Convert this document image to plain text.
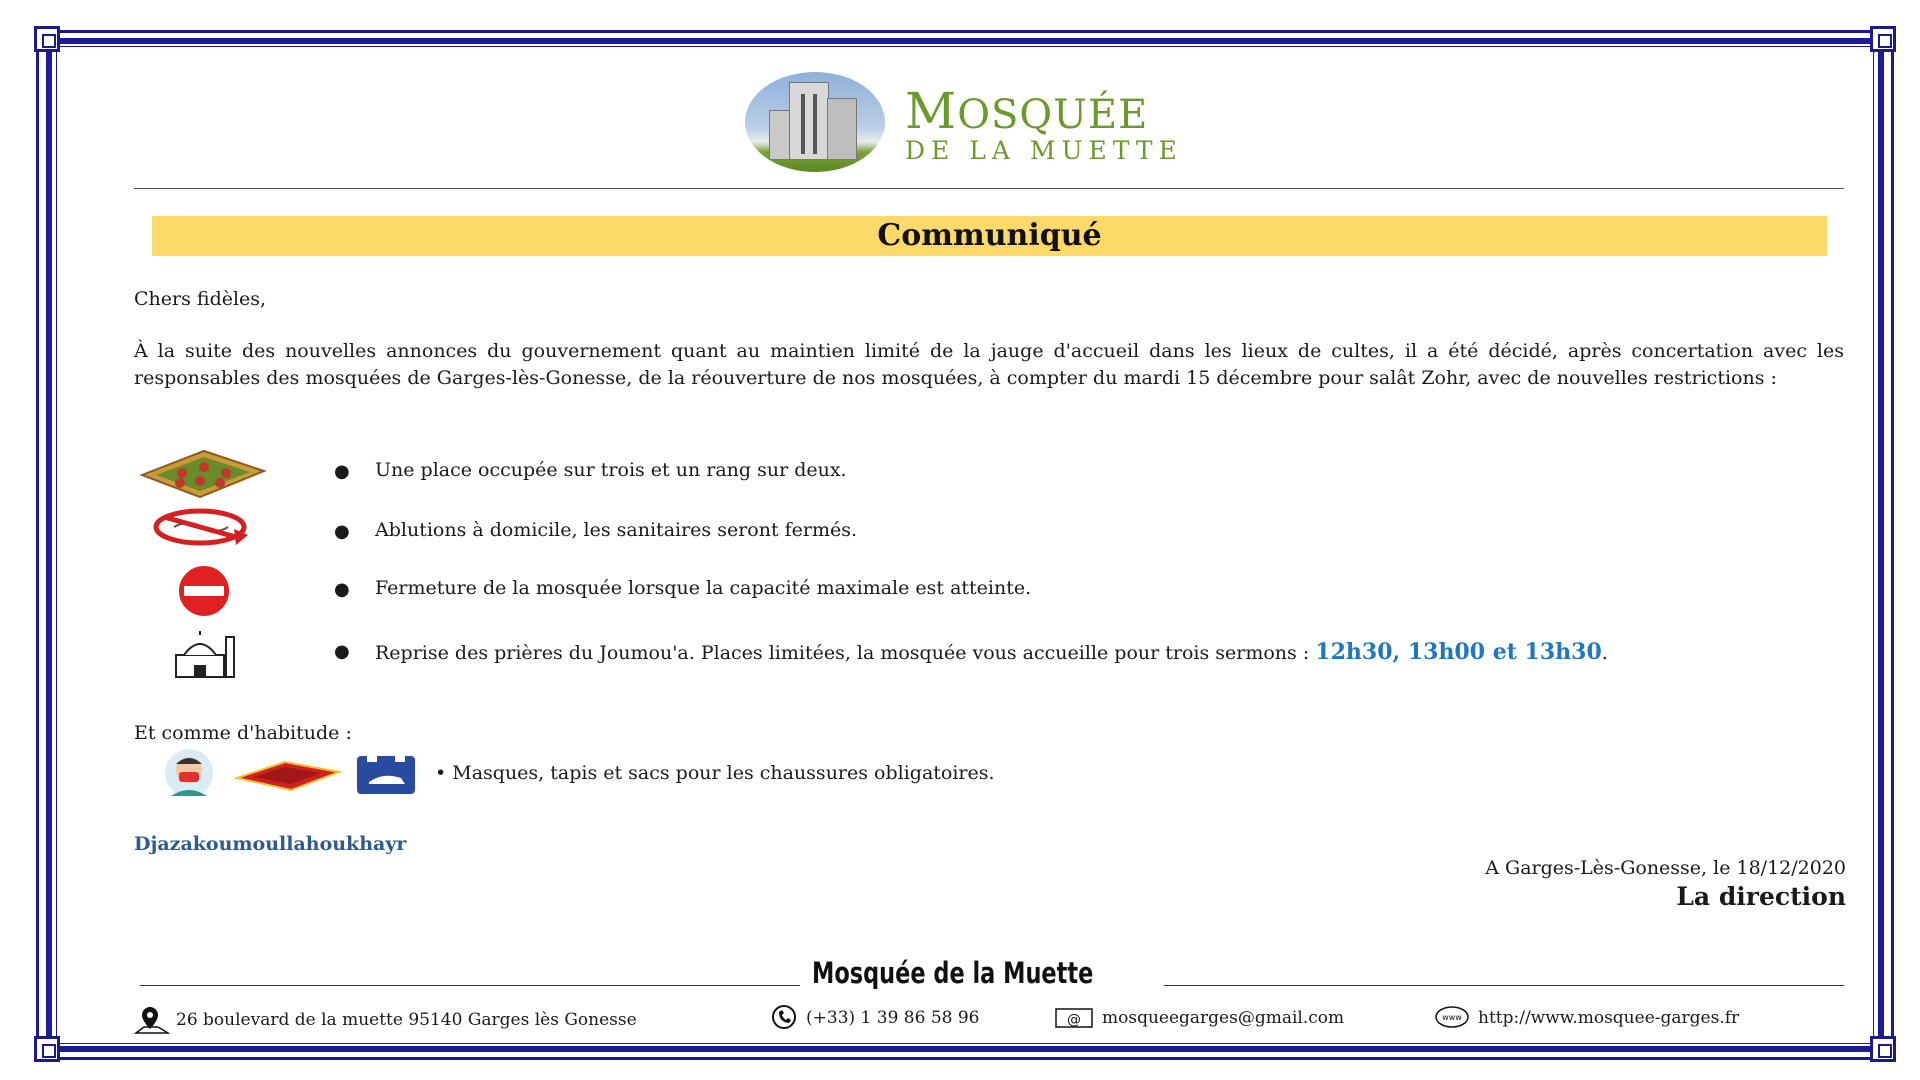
MOSQUÉE
DE LA MUETTE
Communiqué
Chers fidèles,
À la suite des nouvelles annonces du gouvernement quant au maintien limité de la jauge d'accueil dans les lieux de cultes, il a été décidé, après concertation avec les responsables des mosquées de Garges-lès-Gonesse, de la réouverture de nos mosquées, à compter du mardi 15 décembre pour salât Zohr, avec de nouvelles restrictions :
● Une place occupée sur trois et un rang sur deux.
● Ablutions à domicile, les sanitaires seront fermés.
● Fermeture de la mosquée lorsque la capacité maximale est atteinte.
● Reprise des prières du Joumou'a. Places limitées, la mosquée vous accueille pour trois sermons : 12h30, 13h00 et 13h30.
Et comme d'habitude :
• Masques, tapis et sacs pour les chaussures obligatoires.
Djazakoumoullahoukhayr
A Garges-Lès-Gonesse, le 18/12/2020
La direction
Mosquée de la Muette
26 boulevard de la muette 95140 Garges lès Gonesse	(+33) 1 39 86 58 96	@ mosqueegarges@gmail.com	www http://www.mosquee-garges.fr
